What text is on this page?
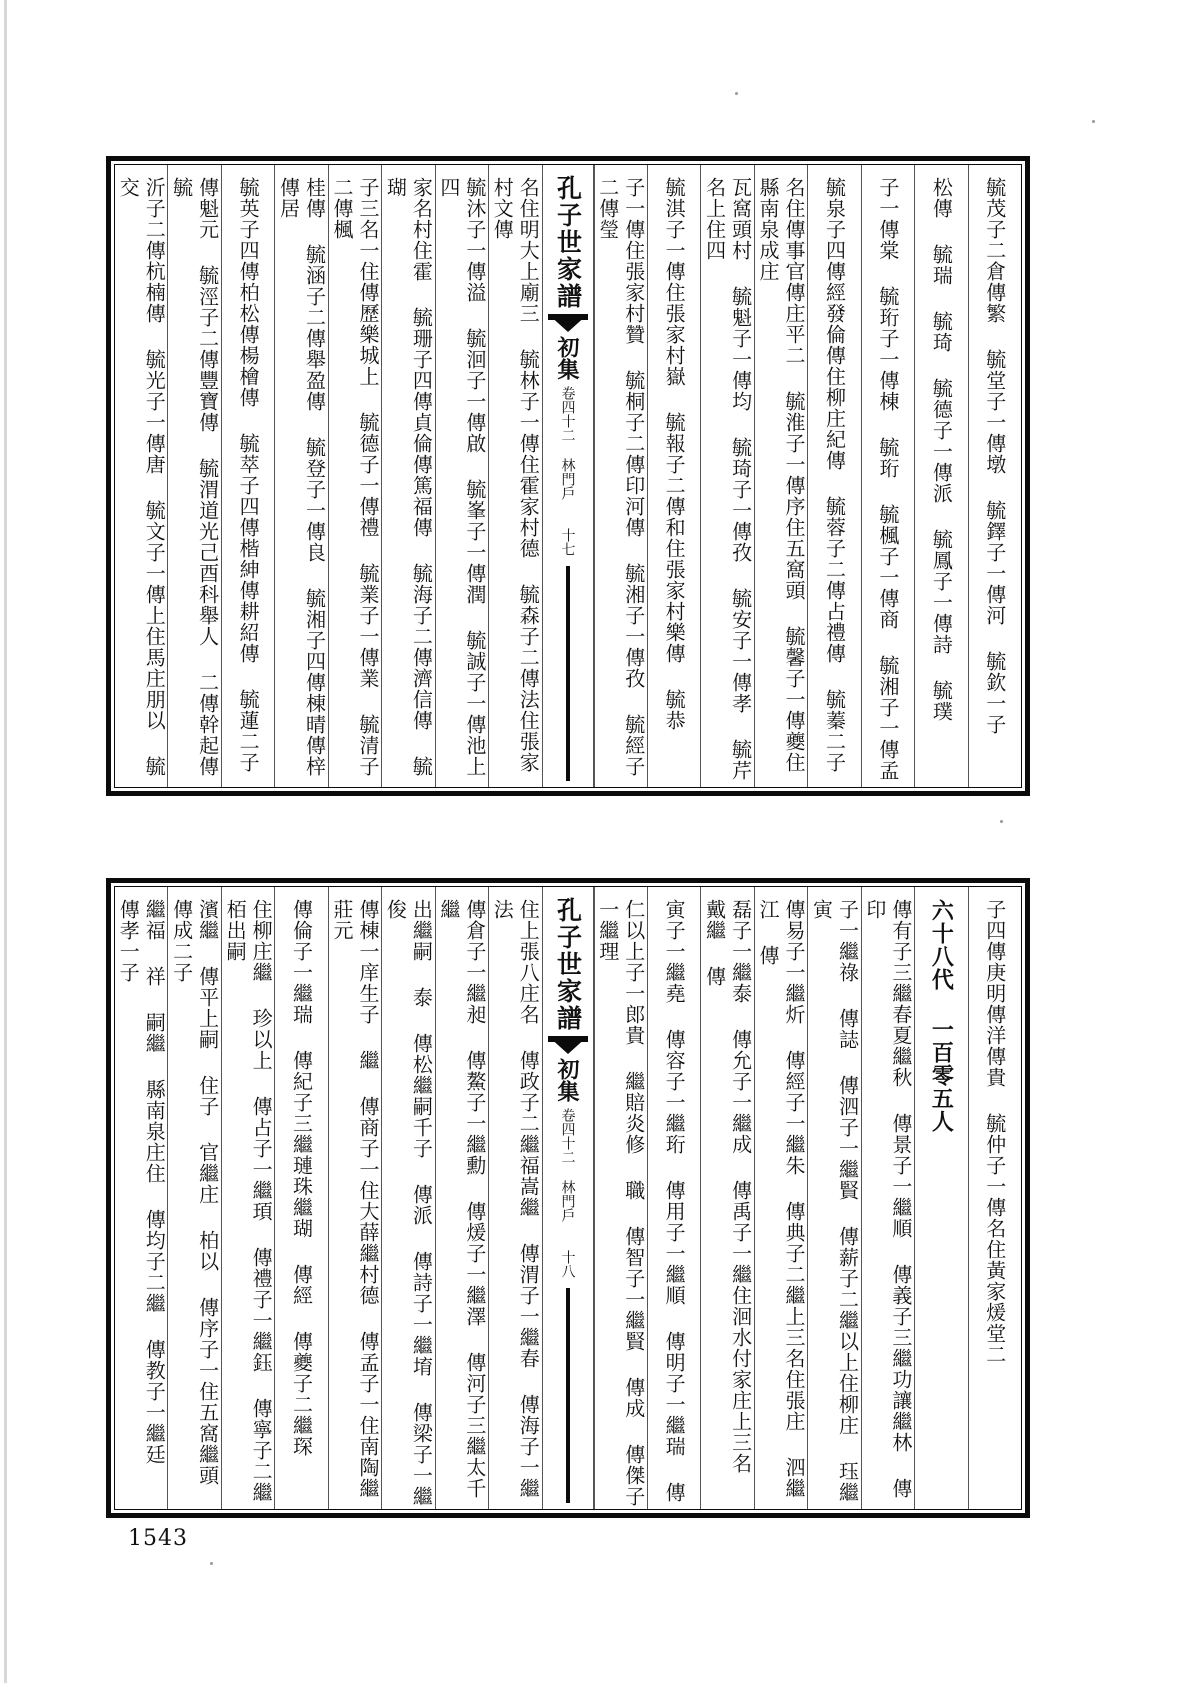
毓茂子二倉傳繁 毓堂子一傳墩 毓鐸子一傳河 毓欽一子
松傳 毓瑞 毓琦 毓德子一傳派 毓鳳子一傳詩 毓璞
子一傳棠 毓珩子一傳棟 毓珩 毓楓子一傳商 毓湘子一傳孟
毓泉子四傳經發倫傳住柳庄紀傳 毓蓉子二傳占禮傳 毓蓁二子
名住傳事官傳庄平二 毓淮子一傳序住五窩頭 毓馨子一傳夔住縣南泉成庄
瓦窩頭村 毓魁子一傳均 毓琦子一傳孜 毓安子一傳孝 毓芹名上住四
毓淇子一傳住張家村嶽 毓報子二傳和住張家村樂傳 毓恭
子一傳住張家村贊 毓桐子二傳印河傳 毓湘子一傳孜 毓經子二傳瑩
孔子世家譜
初集
卷四十二 林門戶
十七
名住明大上廟三 毓林子一傳住霍家村德 毓森子二傳法住張家村文傳
毓沐子一傳溢 毓洄子一傳啟 毓峯子一傳潤 毓誠子一傳池上四
家名村住霍 毓珊子四傳貞倫傳篤福傳 毓海子二傳濟信傳 毓瑚
子三名一住傳歷樂城上 毓德子一傳禮 毓業子一傳業 毓清子二傳楓
桂傳 毓涵子二傳舉盈傳 毓登子一傳良 毓湘子四傳棟晴傳梓傳居
毓英子四傳柏松傳楊檜傳 毓萃子四傳楷紳傳耕紹傳 毓蓮二子
傳魁元 毓涇子二傳豐寶傳 毓渭道光己酉科舉人 二傳幹起傳 毓
沂子二傳杭楠傳 毓光子一傳唐 毓文子一傳上住馬庄朋以 毓交
子四傳庚明傳洋傳貴 毓仲子一傳名住黃家煖堂二
六十八代 一百零五人
傳有子三繼春夏繼秋 傳景子一繼順 傳義子三繼功讓繼林 傳印
子一繼祿 傳誌 傳泗子一繼賢 傳薪子二繼以上住柳庄 珏繼寅
傳易子一繼炘 傳經子一繼朱 傳典子二繼上三名住張庄 泗繼江 傳
磊子一繼泰 傳允子一繼成 傳禹子一繼住洄水付家庄上三名 戴繼 傳
寅子一繼堯 傳容子一繼珩 傳用子一繼順 傳明子一繼瑞 傳
仁以上子一郎貴 繼賠炎修 職 傳智子一繼賢 傳成 傳傑子一繼理
孔子世家譜
初集
卷四十二 林門戶
十八
住上張八庄名 傳政子二繼福嵩繼 傳渭子一繼春 傳海子一繼法
傳倉子一繼昶 傳鰲子一繼勳 傳煖子一繼澤 傳河子三繼太千繼
出繼嗣 泰 傳松繼嗣千子 傳派 傳詩子一繼堉 傳梁子一繼俊
傳棟一庠生子 繼 傳商子一住大薛繼村德 傳孟子一住南陶繼 莊元
傳倫子一繼瑞 傳紀子三繼璉珠繼瑚 傳經 傳夔子二繼琛
住柳庄繼 珍以上 傳占子一繼頊 傳禮子一繼鈺 傳寧子二繼栢出嗣
濱繼 傳平上嗣 住子 官繼庄 柏以 傳序子一住五窩繼頭 傳成二子
繼福 祥 嗣繼 縣南泉庄住 傳均子二繼 傳教子一繼廷 傳孝一子
1543
